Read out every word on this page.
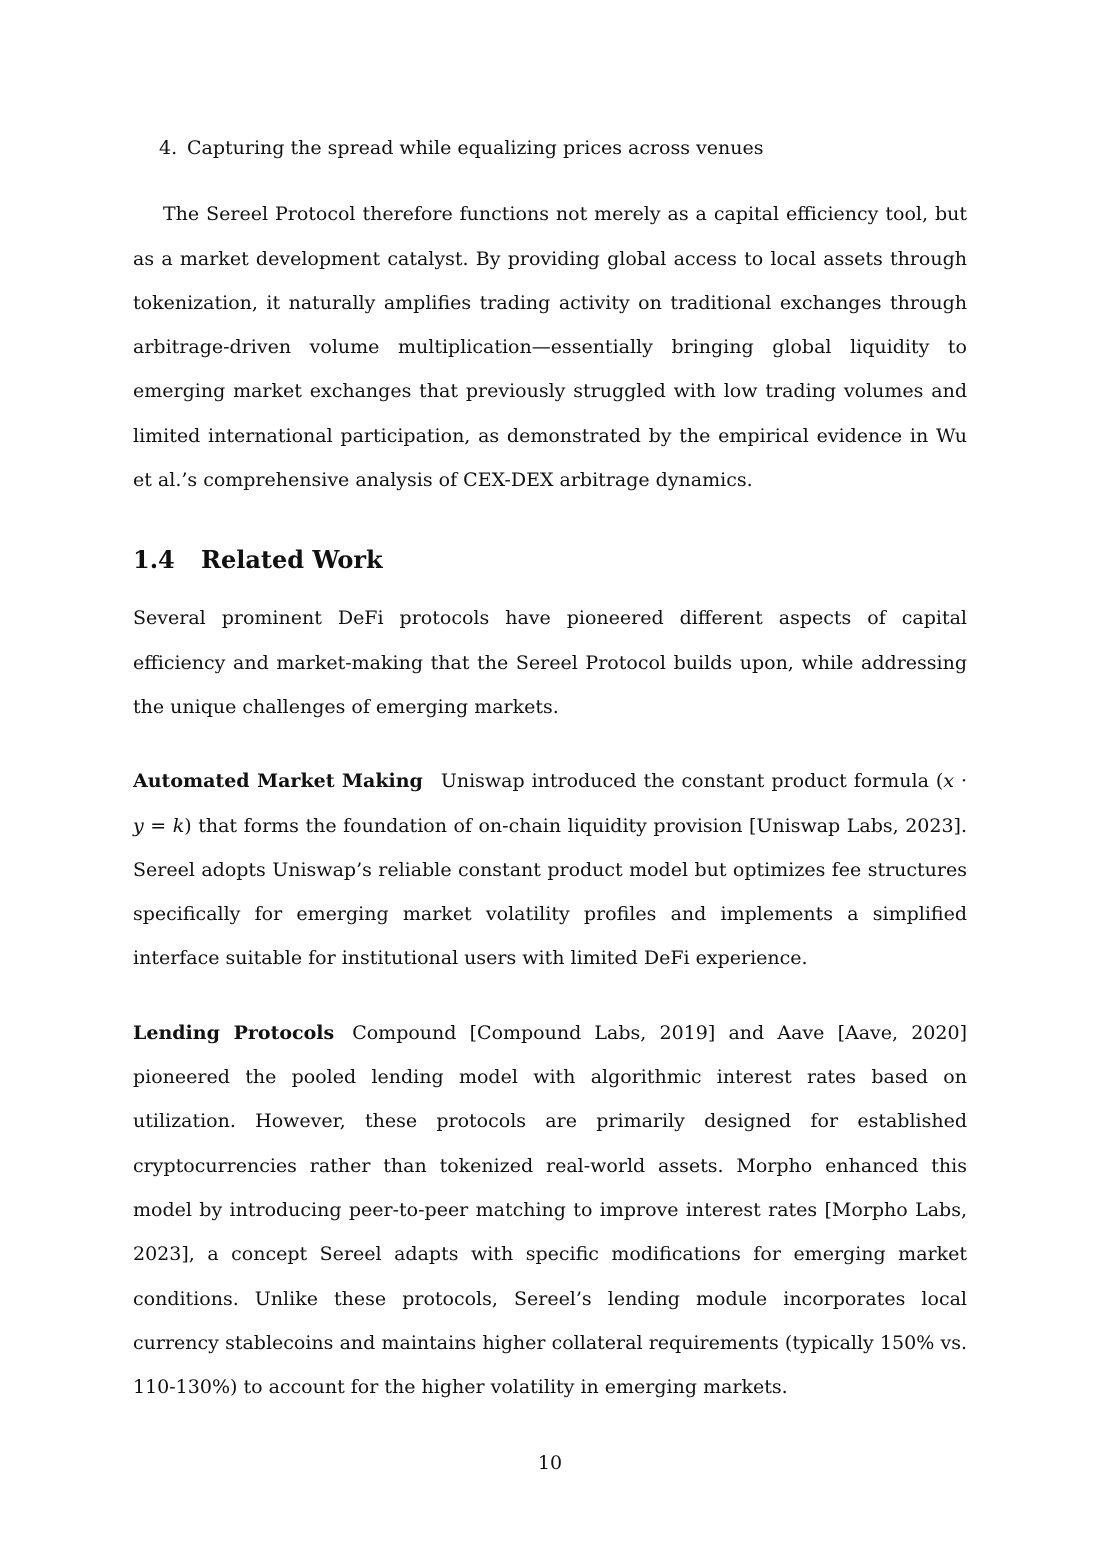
4. Capturing the spread while equalizing prices across venues

The Sereel Protocol therefore functions not merely as a capital efficiency tool, but as a market development catalyst. By providing global access to local assets through tokenization, it naturally amplifies trading activity on traditional exchanges through arbitrage-driven volume multiplication—essentially bringing global liquidity to emerging market exchanges that previously struggled with low trading volumes and limited international participation, as demonstrated by the empirical evidence in Wu et al.’s comprehensive analysis of CEX-DEX arbitrage dynamics.

1.4 Related Work

Several prominent DeFi protocols have pioneered different aspects of capital efficiency and market-making that the Sereel Protocol builds upon, while addressing the unique challenges of emerging markets.

Automated Market Making Uniswap introduced the constant product formula (x · y = k) that forms the foundation of on-chain liquidity provision [Uniswap Labs, 2023]. Sereel adopts Uniswap’s reliable constant product model but optimizes fee structures specifically for emerging market volatility profiles and implements a simplified interface suitable for institutional users with limited DeFi experience.

Lending Protocols Compound [Compound Labs, 2019] and Aave [Aave, 2020] pioneered the pooled lending model with algorithmic interest rates based on utilization. However, these protocols are primarily designed for established cryptocurrencies rather than tokenized real-world assets. Morpho enhanced this model by introducing peer-to-peer matching to improve interest rates [Morpho Labs, 2023], a concept Sereel adapts with specific modifications for emerging market conditions. Unlike these protocols, Sereel’s lending module incorporates local currency stablecoins and maintains higher collateral requirements (typically 150% vs. 110-130%) to account for the higher volatility in emerging markets.

10
